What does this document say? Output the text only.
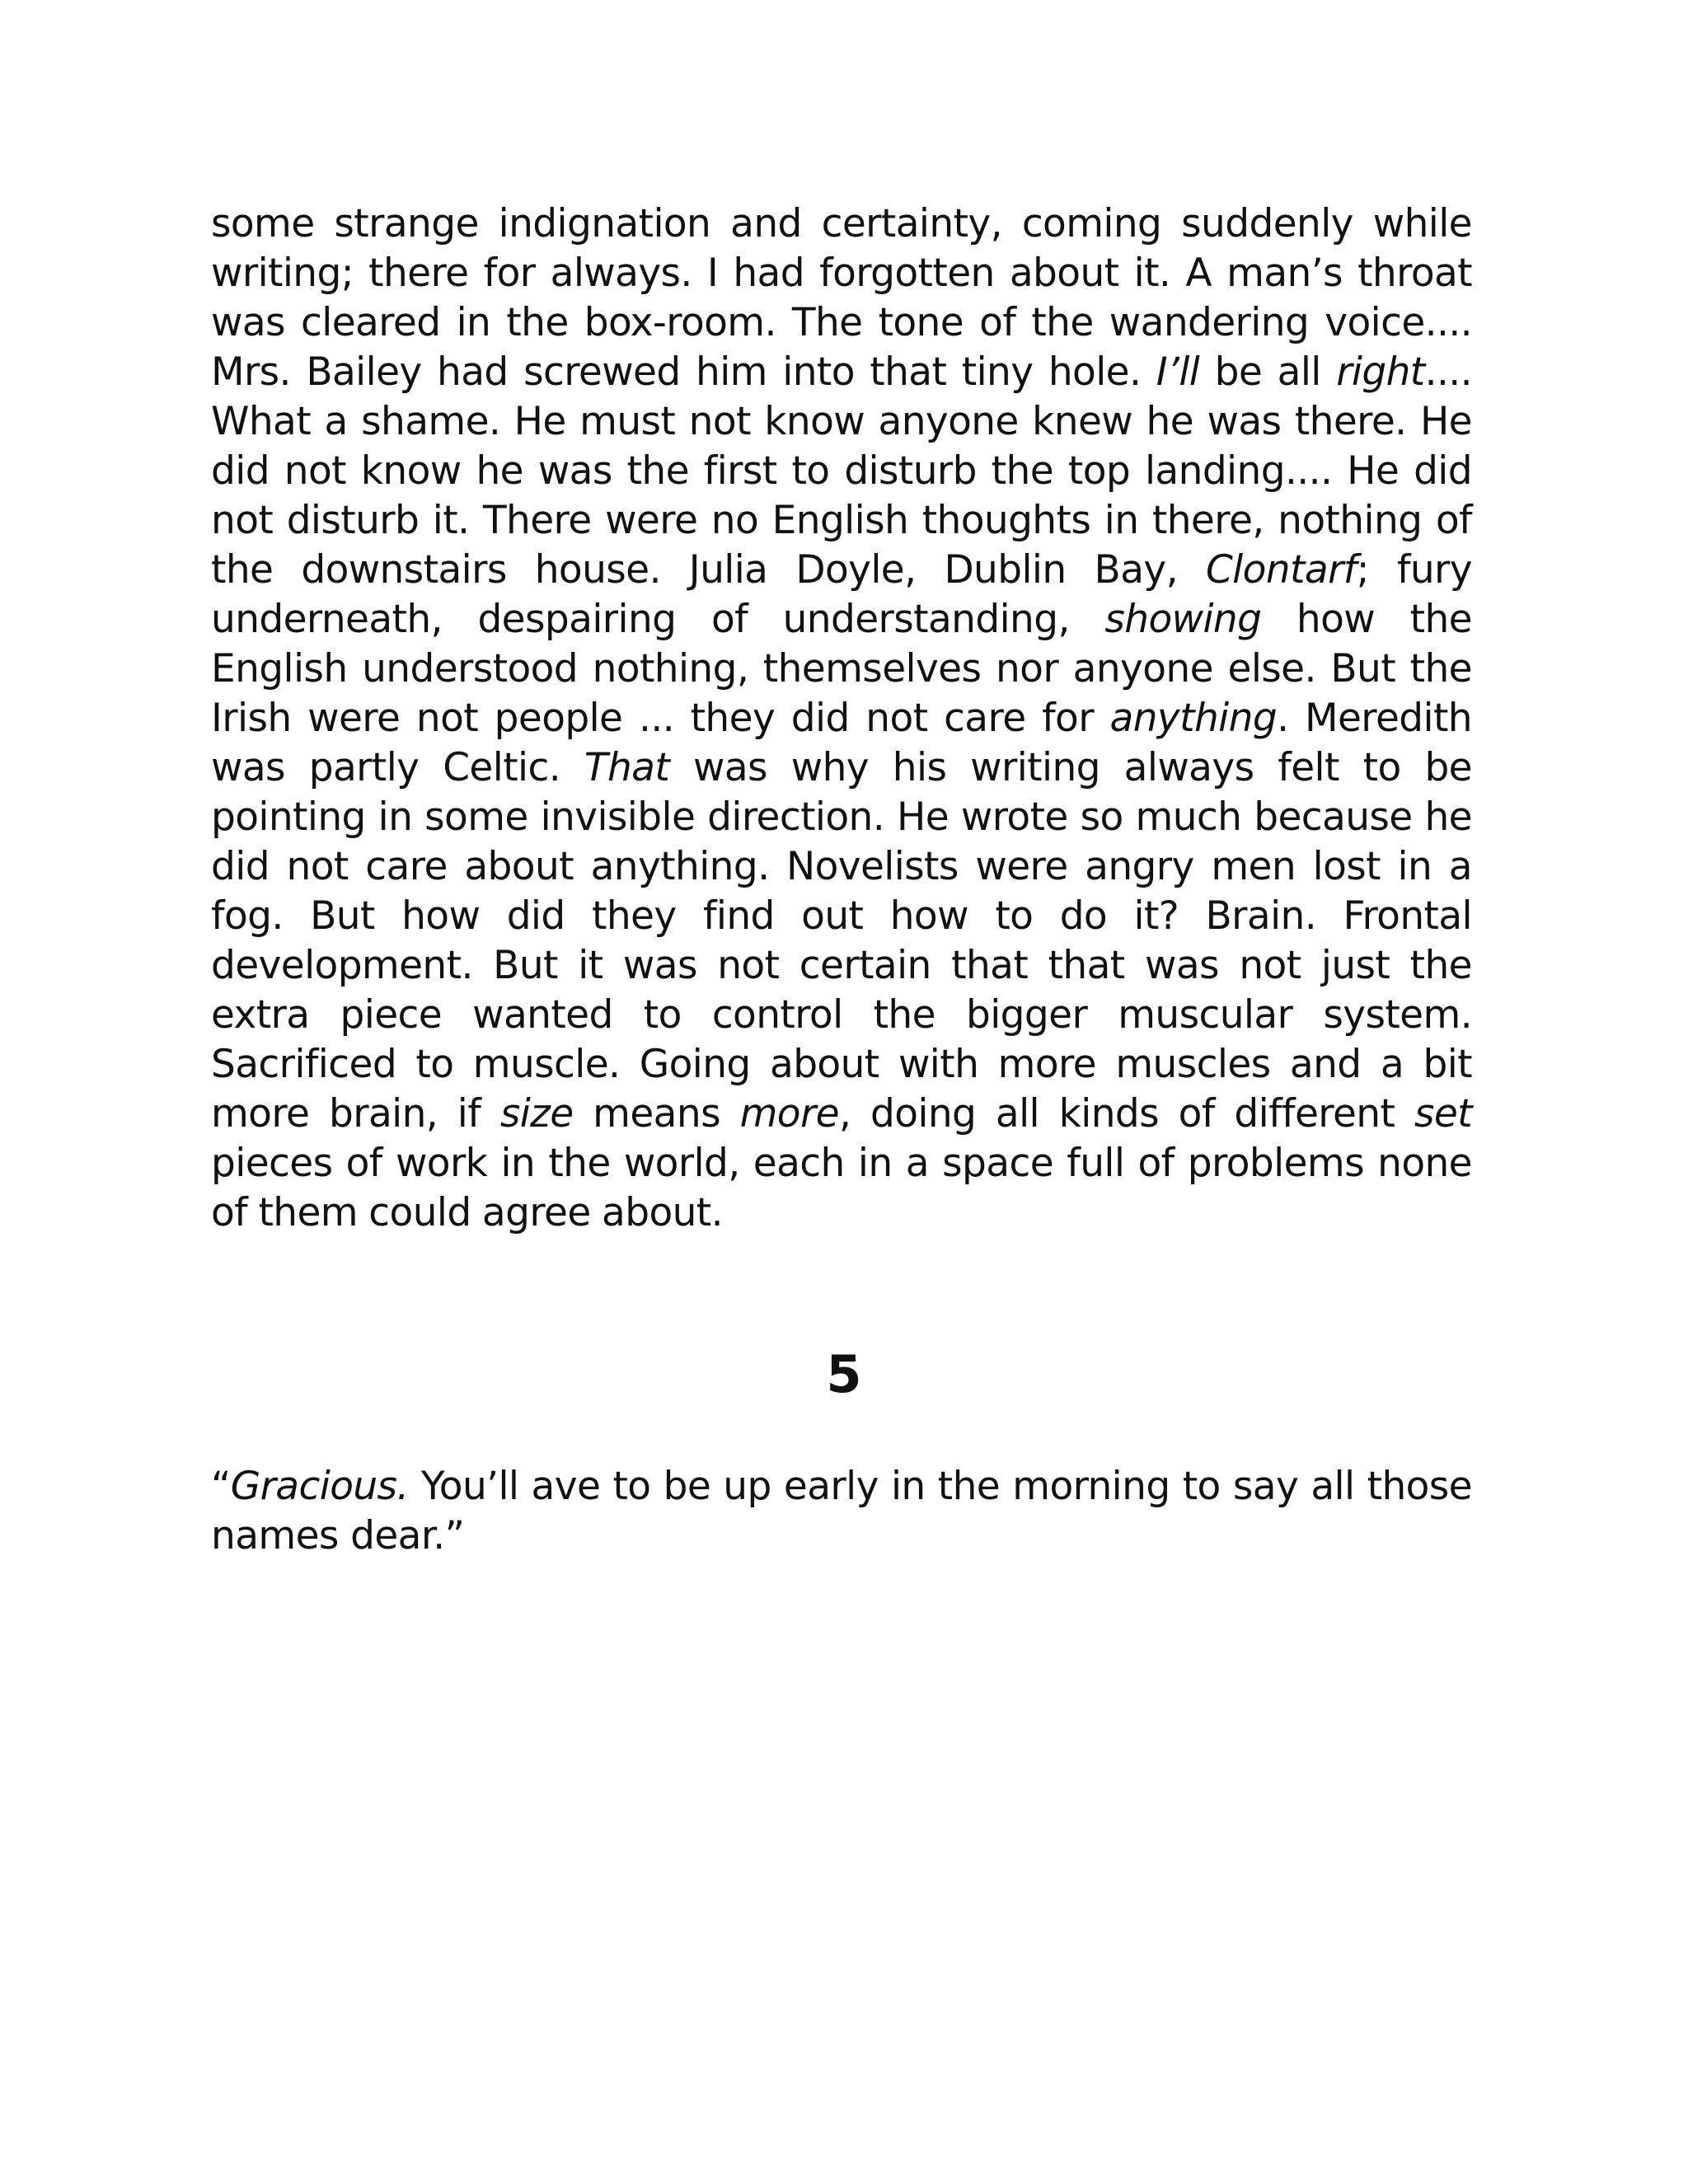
some strange indignation and certainty, coming suddenly while writing; there for always. I had forgotten about it. A man’s throat was cleared in the box-room. The tone of the wandering voice.... Mrs. Bailey had screwed him into that tiny hole. I’ll be all right.... What a shame. He must not know anyone knew he was there. He did not know he was the first to disturb the top landing.... He did not disturb it. There were no English thoughts in there, nothing of the downstairs house. Julia Doyle, Dublin Bay, Clontarf; fury underneath, despairing of understanding, showing how the English understood nothing, themselves nor anyone else. But the Irish were not people ... they did not care for anything. Meredith was partly Celtic. That was why his writing always felt to be pointing in some invisible direction. He wrote so much because he did not care about anything. Novelists were angry men lost in a fog. But how did they find out how to do it? Brain. Frontal development. But it was not certain that that was not just the extra piece wanted to control the bigger muscular system. Sacrificed to muscle. Going about with more muscles and a bit more brain, if size means more, doing all kinds of different set pieces of work in the world, each in a space full of problems none of them could agree about.

5

“Gracious. You’ll ave to be up early in the morning to say all those names dear.”
